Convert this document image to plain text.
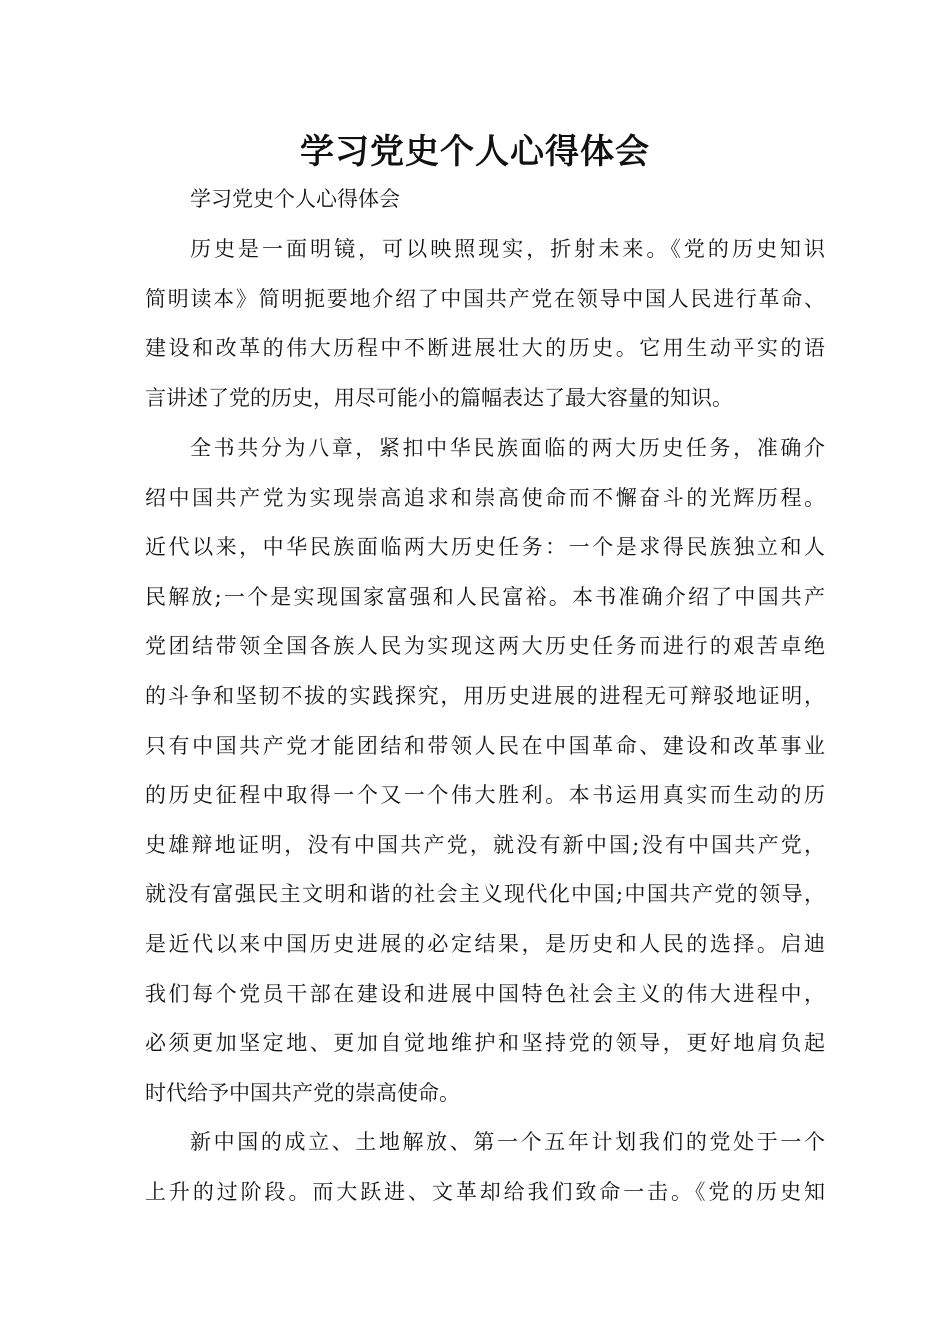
学习党史个人心得体会

学习党史个人心得体会

历史是一面明镜，可以映照现实，折射未来。《党的历史知识
简明读本》简明扼要地介绍了中国共产党在领导中国人民进行革命、
建设和改革的伟大历程中不断进展壮大的历史。它用生动平实的语
言讲述了党的历史，用尽可能小的篇幅表达了最大容量的知识。
全书共分为八章，紧扣中华民族面临的两大历史任务，准确介
绍中国共产党为实现崇高追求和崇高使命而不懈奋斗的光辉历程。
近代以来，中华民族面临两大历史任务：一个是求得民族独立和人
民解放;一个是实现国家富强和人民富裕。本书准确介绍了中国共产
党团结带领全国各族人民为实现这两大历史任务而进行的艰苦卓绝
的斗争和坚韧不拔的实践探究，用历史进展的进程无可辩驳地证明，
只有中国共产党才能团结和带领人民在中国革命、建设和改革事业
的历史征程中取得一个又一个伟大胜利。本书运用真实而生动的历
史雄辩地证明，没有中国共产党，就没有新中国;没有中国共产党，
就没有富强民主文明和谐的社会主义现代化中国;中国共产党的领导，
是近代以来中国历史进展的必定结果，是历史和人民的选择。启迪
我们每个党员干部在建设和进展中国特色社会主义的伟大进程中，
必须更加坚定地、更加自觉地维护和坚持党的领导，更好地肩负起
时代给予中国共产党的崇高使命。
新中国的成立、土地解放、第一个五年计划我们的党处于一个
上升的过阶段。而大跃进、文革却给我们致命一击。《党的历史知
